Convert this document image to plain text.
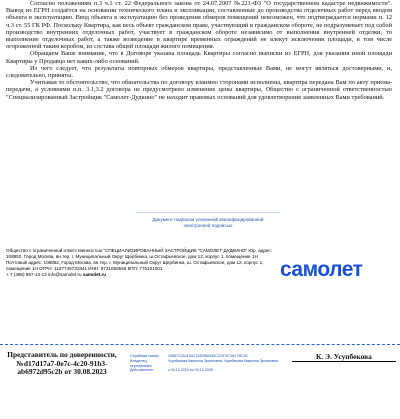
Согласно положениям п.3 ч.1 ст. 22 Федерального закона от 24.07.2007 №221-ФЗ "О государственном кадастре недвижимости". Вывод из ЕГРН создаётся на основании технического плана и экспликации, составленные до производства отделочных работ перед вводом объекта в эксплуатацию. Ввод объекта в эксплуатацию без проведения обмеров помещений невозможен, что подтверждается нормами п. 12 ч.3 ст. 55 ГК РФ. Поскольку Квартира, как весь объект гражданском праве, участвующий в гражданском обороте, не подразумевает под собой производство внутренних отделочных работ, участвует в гражданском обороте независимо от выполнения внутренней отделки, то выполнение отделочных работ, а также возведение в квартире временных ограждений не влекут исключения площади, в том числе огороженной таким коробом, из состава общей площади жилого помещения.

Обращаем Ваше внимание, что в Договоре указана площадь Квартиры согласно выписки из ЕГРН, для указания иной площади Квартиры у Продавца нет каких-либо оснований.

Из чего следует, что результаты повторных обмеров квартиры, представленные Вами, не могут являться достоверными, и, следовательно, приняты.

Учитывая то обстоятельство, что обязательства по договору взаимно сторонами исполнены, квартира передана Вам по акту приема-передачи, а условиями п.п. 3.1,3.2 договора не предусмотрено изменение цены квартиры, Общество с ограниченной ответственностью "Специализированный Застройщик "Самолет-Дудкино" не находит правовых оснований для удовлетворения заявленных Вами требований.

Документ подписан усиленной квалифицированной электронной подписью
Общество с ограниченной ответственностью "СПЕЦИАЛИЗИРОВАННЫЙ ЗАСТРОЙЩИК "САМОЛЕТ-ДУДКИНО" Юр. адрес: 108852, Город Москва, вн.тер. г. Муниципальный Округ Щербинка, ш.Остафьевское, дом 12, корпус 1, помещение 1Н Почтовый адрес: 108852, Город Москва, вн.тер. г. Муниципальный Округ Щербинка, ш. Остафьевское, дом 12, корпус 1, помещение 1Н ОГРН: 1197746731841 ИНН: 9731058556 КПП: 775101001
+ 7 (495) 967-13-13 info@samolet.ru samolet.ru	самолет
Представитель по доверенности, №d17d17a7-0e7c-4c20-91b3-ab6972d95c2b от 30.08.2023
Серийный номер	19887C0A115AC1150988155C378767484 09C53
Владелец сертификата
Усупбекова Камилла Эркиновна, Усупбекова Камилла Эркиновна
Действителен	с 03.10.2024 по 03.10.2025
К. Э. Усупбекова
